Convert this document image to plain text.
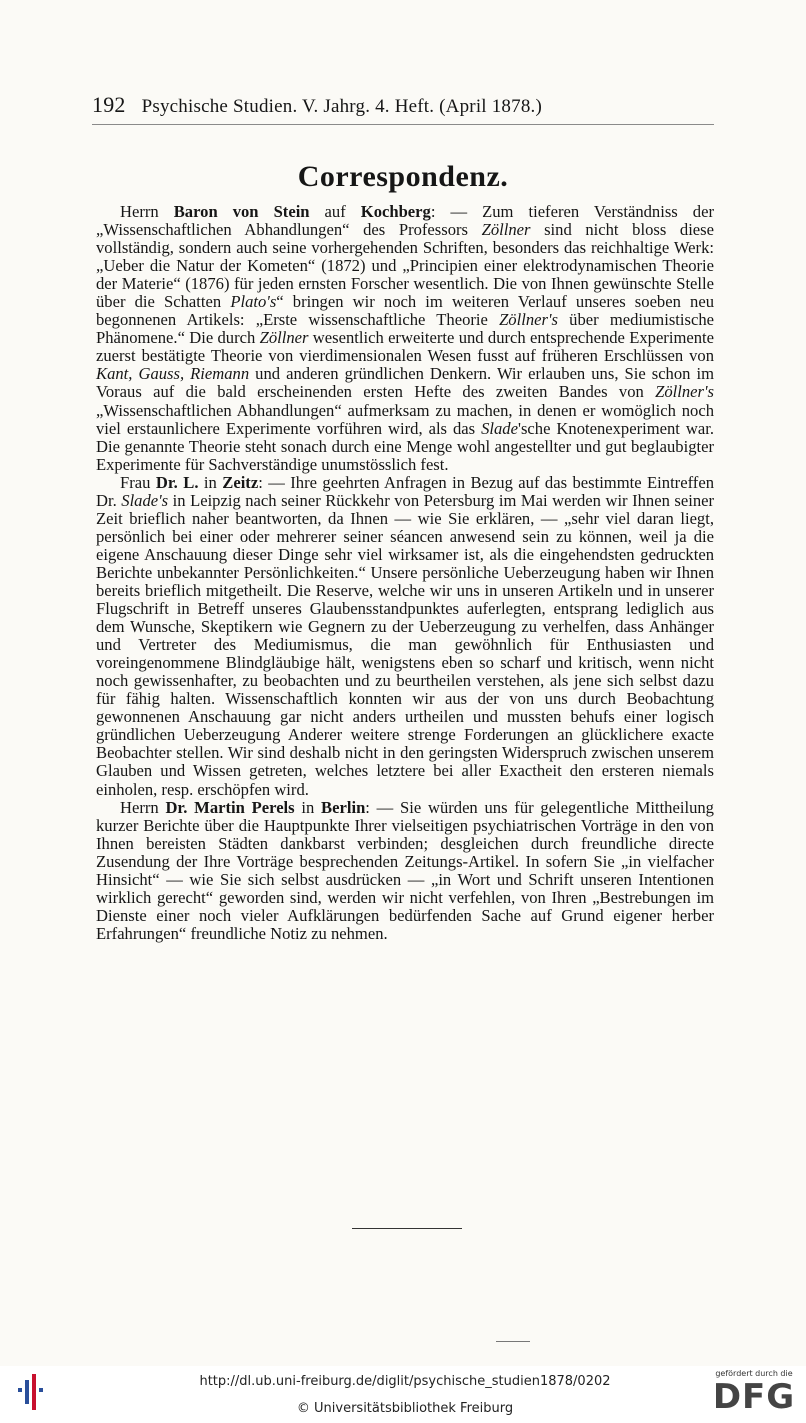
192 Psychische Studien. V. Jahrg. 4. Heft. (April 1878.)
Correspondenz.

Herrn Baron von Stein auf Kochberg: — Zum tieferen Verständniss der „Wissenschaftlichen Abhandlungen“ des Professors Zöllner sind nicht bloss diese vollständig, sondern auch seine vorhergehenden Schriften, besonders das reichhaltige Werk: „Ueber die Natur der Kometen“ (1872) und „Principien einer elektrodynamischen Theorie der Materie“ (1876) für jeden ernsten Forscher wesentlich. Die von Ihnen gewünschte Stelle über die Schatten Plato's“ bringen wir noch im weiteren Verlauf unseres soeben neu begonnenen Artikels: „Erste wissenschaftliche Theorie Zöllner's über mediumistische Phänomene.“ Die durch Zöllner wesentlich erweiterte und durch entsprechende Experimente zuerst bestätigte Theorie von vierdimensionalen Wesen fusst auf früheren Erschlüssen von Kant, Gauss, Riemann und anderen gründlichen Denkern. Wir erlauben uns, Sie schon im Voraus auf die bald erscheinenden ersten Hefte des zweiten Bandes von Zöllner's „Wissenschaftlichen Abhandlungen“ aufmerksam zu machen, in denen er womöglich noch viel erstaunlichere Experimente vorführen wird, als das Slade'sche Knotenexperiment war. Die genannte Theorie steht sonach durch eine Menge wohl angestellter und gut beglaubigter Experimente für Sachverständige unumstösslich fest.

Frau Dr. L. in Zeitz: — Ihre geehrten Anfragen in Bezug auf das bestimmte Eintreffen Dr. Slade's in Leipzig nach seiner Rückkehr von Petersburg im Mai werden wir Ihnen seiner Zeit brieflich naher beantworten, da Ihnen — wie Sie erklären, — „sehr viel daran liegt, persönlich bei einer oder mehrerer seiner séancen anwesend sein zu können, weil ja die eigene Anschauung dieser Dinge sehr viel wirksamer ist, als die eingehendsten gedruckten Berichte unbekannter Persönlichkeiten.“ Unsere persönliche Ueberzeugung haben wir Ihnen bereits brieflich mitgetheilt. Die Reserve, welche wir uns in unseren Artikeln und in unserer Flugschrift in Betreff unseres Glaubensstandpunktes auferlegten, entsprang lediglich aus dem Wunsche, Skeptikern wie Gegnern zu der Ueberzeugung zu verhelfen, dass Anhänger und Vertreter des Mediumismus, die man gewöhnlich für Enthusiasten und voreingenommene Blindgläubige hält, wenigstens eben so scharf und kritisch, wenn nicht noch gewissenhafter, zu beobachten und zu beurtheilen verstehen, als jene sich selbst dazu für fähig halten. Wissenschaftlich konnten wir aus der von uns durch Beobachtung gewonnenen Anschauung gar nicht anders urtheilen und mussten behufs einer logisch gründlichen Ueberzeugung Anderer weitere strenge Forderungen an glücklichere exacte Beobachter stellen. Wir sind deshalb nicht in den geringsten Widerspruch zwischen unserem Glauben und Wissen getreten, welches letztere bei aller Exactheit den ersteren niemals einholen, resp. erschöpfen wird.

Herrn Dr. Martin Perels in Berlin: — Sie würden uns für gelegentliche Mittheilung kurzer Berichte über die Hauptpunkte Ihrer vielseitigen psychiatrischen Vorträge in den von Ihnen bereisten Städten dankbarst verbinden; desgleichen durch freundliche directe Zusendung der Ihre Vorträge besprechenden Zeitungs-Artikel. In sofern Sie „in vielfacher Hinsicht“ — wie Sie sich selbst ausdrücken — „in Wort und Schrift unseren Intentionen wirklich gerecht“ geworden sind, werden wir nicht verfehlen, von Ihren „Bestrebungen im Dienste einer noch vieler Aufklärungen bedürfenden Sache auf Grund eigener herber Erfahrungen“ freundliche Notiz zu nehmen.

http://dl.ub.uni-freiburg.de/diglit/psychische_studien1878/0202
© Universitätsbibliothek Freiburg
gefördert durch die
DFG
